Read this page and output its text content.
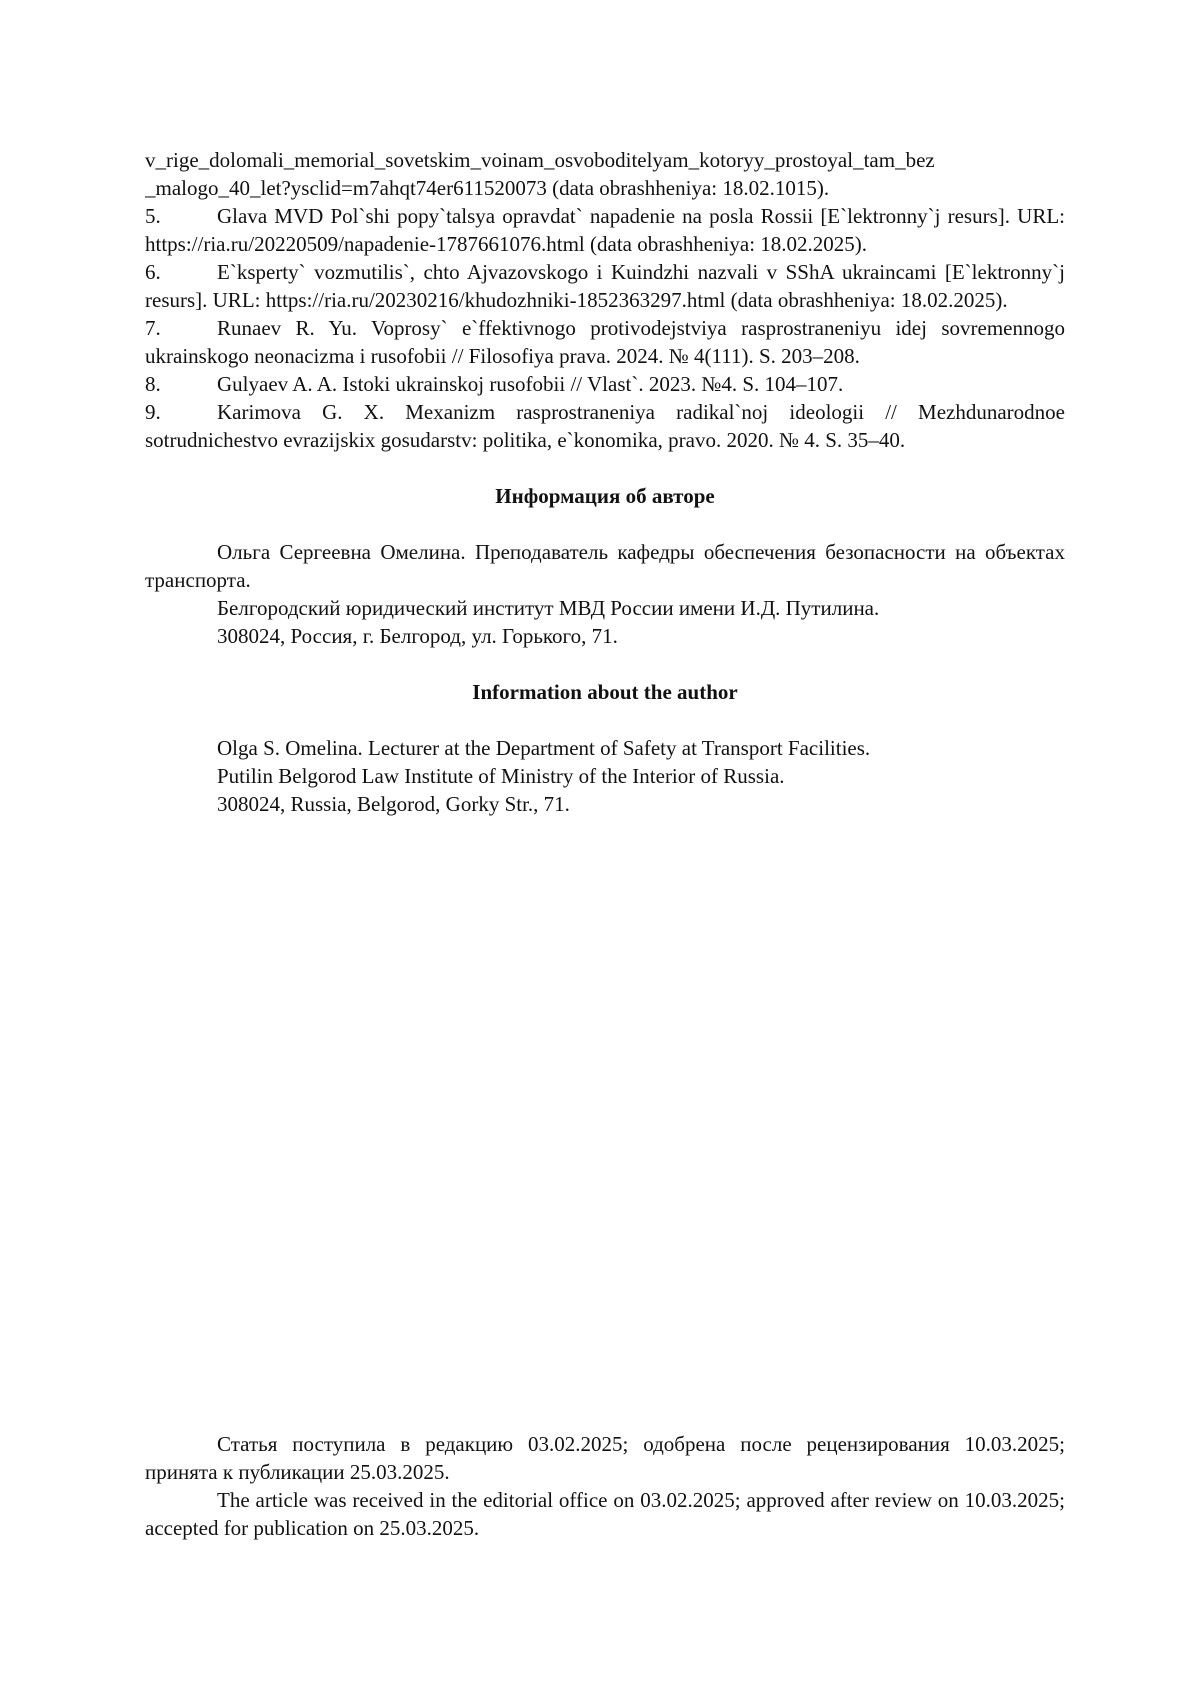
v_rige_dolomali_memorial_sovetskim_voinam_osvoboditelyam_kotoryy_prostoyal_tam_bez
_malogo_40_let?ysclid=m7ahqt74er611520073 (data obrashheniya: 18.02.1015).
5.	Glava MVD Pol`shi popy`talsya opravdat` napadenie na posla Rossii [E`lektronny`j resurs]. URL: https://ria.ru/20220509/napadenie-1787661076.html (data obrashheniya: 18.02.2025).
6.	E`ksperty` vozmutilis`, chto Ajvazovskogo i Kuindzhi nazvali v SShA ukraincami [E`lektronny`j resurs]. URL: https://ria.ru/20230216/khudozhniki-1852363297.html (data obrashheniya: 18.02.2025).
7.	Runaev R. Yu. Voprosy` e`ffektivnogo protivodejstviya rasprostraneniyu idej sovremennogo ukrainskogo neonacizma i rusofobii // Filosofiya prava. 2024. № 4(111). S. 203–208.
8.	Gulyaev A. A. Istoki ukrainskoj rusofobii // Vlast`. 2023. №4. S. 104–107.
9.	Karimova G. X. Mexanizm rasprostraneniya radikal`noj ideologii // Mezhdunarodnoe sotrudnichestvo evrazijskix gosudarstv: politika, e`konomika, pravo. 2020. № 4. S. 35–40.

Информация об авторе

Ольга Сергеевна Омелина. Преподаватель кафедры обеспечения безопасности на объектах транспорта.
Белгородский юридический институт МВД России имени И.Д. Путилина.
308024, Россия, г. Белгород, ул. Горького, 71.

Information about the author

Olga S. Omelina. Lecturer at the Department of Safety at Transport Facilities.
Putilin Belgorod Law Institute of Ministry of the Interior of Russia.
308024, Russia, Belgorod, Gorky Str., 71.

Статья поступила в редакцию 03.02.2025; одобрена после рецензирования 10.03.2025; принята к публикации 25.03.2025.

The article was received in the editorial office on 03.02.2025; approved after review on 10.03.2025; accepted for publication on 25.03.2025.
